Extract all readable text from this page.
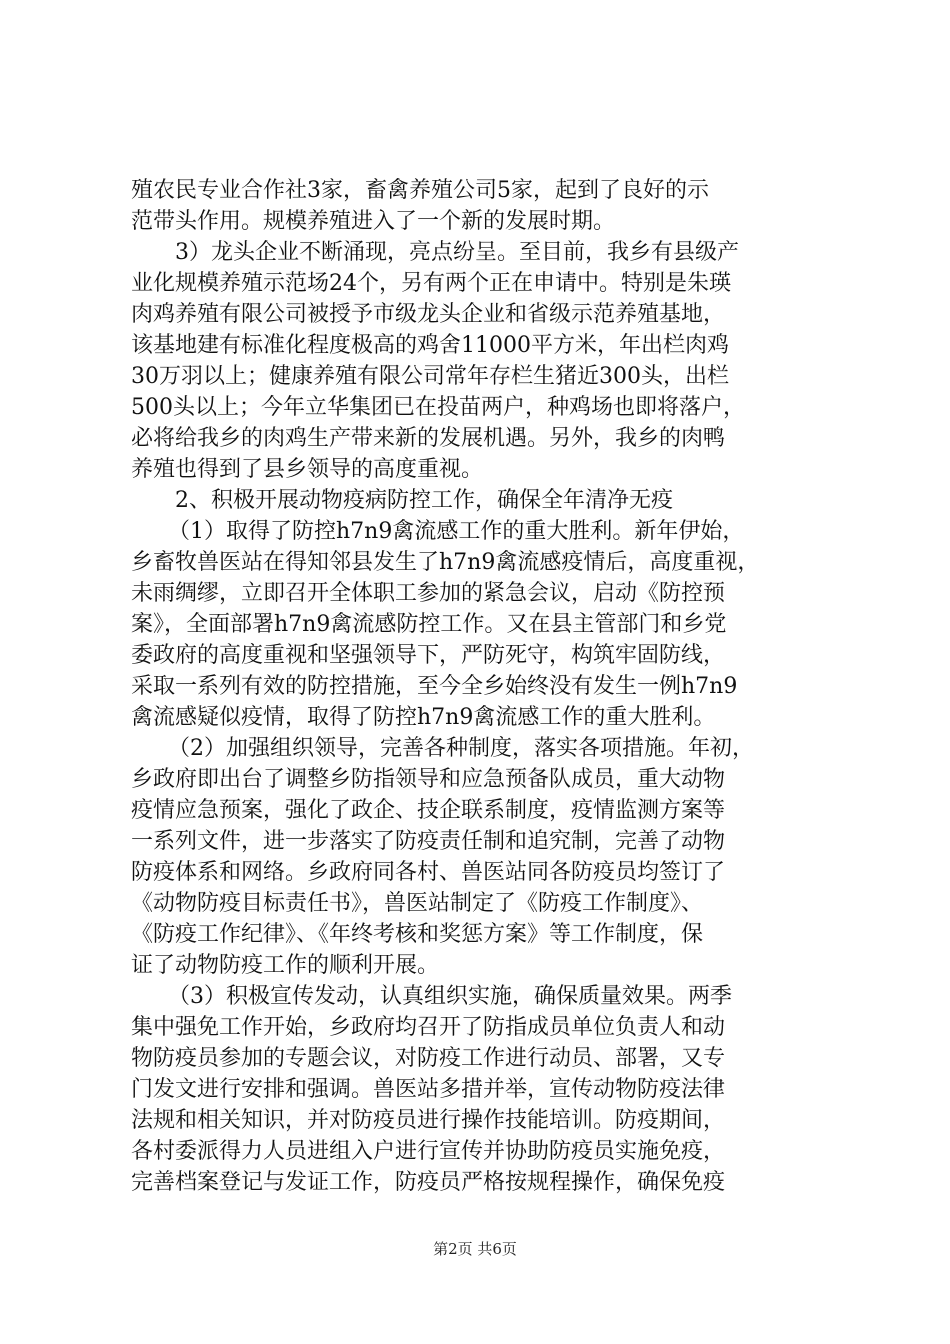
殖农民专业合作社3家，畜禽养殖公司5家，起到了良好的示
范带头作用。规模养殖进入了一个新的发展时期。
3）龙头企业不断涌现，亮点纷呈。至目前，我乡有县级产
业化规模养殖示范场24个，另有两个正在申请中。特别是朱瑛
肉鸡养殖有限公司被授予市级龙头企业和省级示范养殖基地，
该基地建有标准化程度极高的鸡舍11000平方米，年出栏肉鸡
30万羽以上；健康养殖有限公司常年存栏生猪近300头，出栏
500头以上；今年立华集团已在投苗两户，种鸡场也即将落户，
必将给我乡的肉鸡生产带来新的发展机遇。另外，我乡的肉鸭
养殖也得到了县乡领导的高度重视。
2、积极开展动物疫病防控工作，确保全年清净无疫
（1）取得了防控h7n9禽流感工作的重大胜利。新年伊始，
乡畜牧兽医站在得知邻县发生了h7n9禽流感疫情后，高度重视，
未雨绸缪，立即召开全体职工参加的紧急会议，启动《防控预
案》，全面部署h7n9禽流感防控工作。又在县主管部门和乡党
委政府的高度重视和坚强领导下，严防死守，构筑牢固防线，
采取一系列有效的防控措施，至今全乡始终没有发生一例h7n9
禽流感疑似疫情，取得了防控h7n9禽流感工作的重大胜利。
（2）加强组织领导，完善各种制度，落实各项措施。年初，
乡政府即出台了调整乡防指领导和应急预备队成员，重大动物
疫情应急预案，强化了政企、技企联系制度，疫情监测方案等
一系列文件，进一步落实了防疫责任制和追究制，完善了动物
防疫体系和网络。乡政府同各村、兽医站同各防疫员均签订了
《动物防疫目标责任书》，兽医站制定了《防疫工作制度》、
《防疫工作纪律》、《年终考核和奖惩方案》等工作制度，保
证了动物防疫工作的顺利开展。
（3）积极宣传发动，认真组织实施，确保质量效果。两季
集中强免工作开始，乡政府均召开了防指成员单位负责人和动
物防疫员参加的专题会议，对防疫工作进行动员、部署，又专
门发文进行安排和强调。兽医站多措并举，宣传动物防疫法律
法规和相关知识，并对防疫员进行操作技能培训。防疫期间，
各村委派得力人员进组入户进行宣传并协助防疫员实施免疫，
完善档案登记与发证工作，防疫员严格按规程操作，确保免疫
第2页 共6页
